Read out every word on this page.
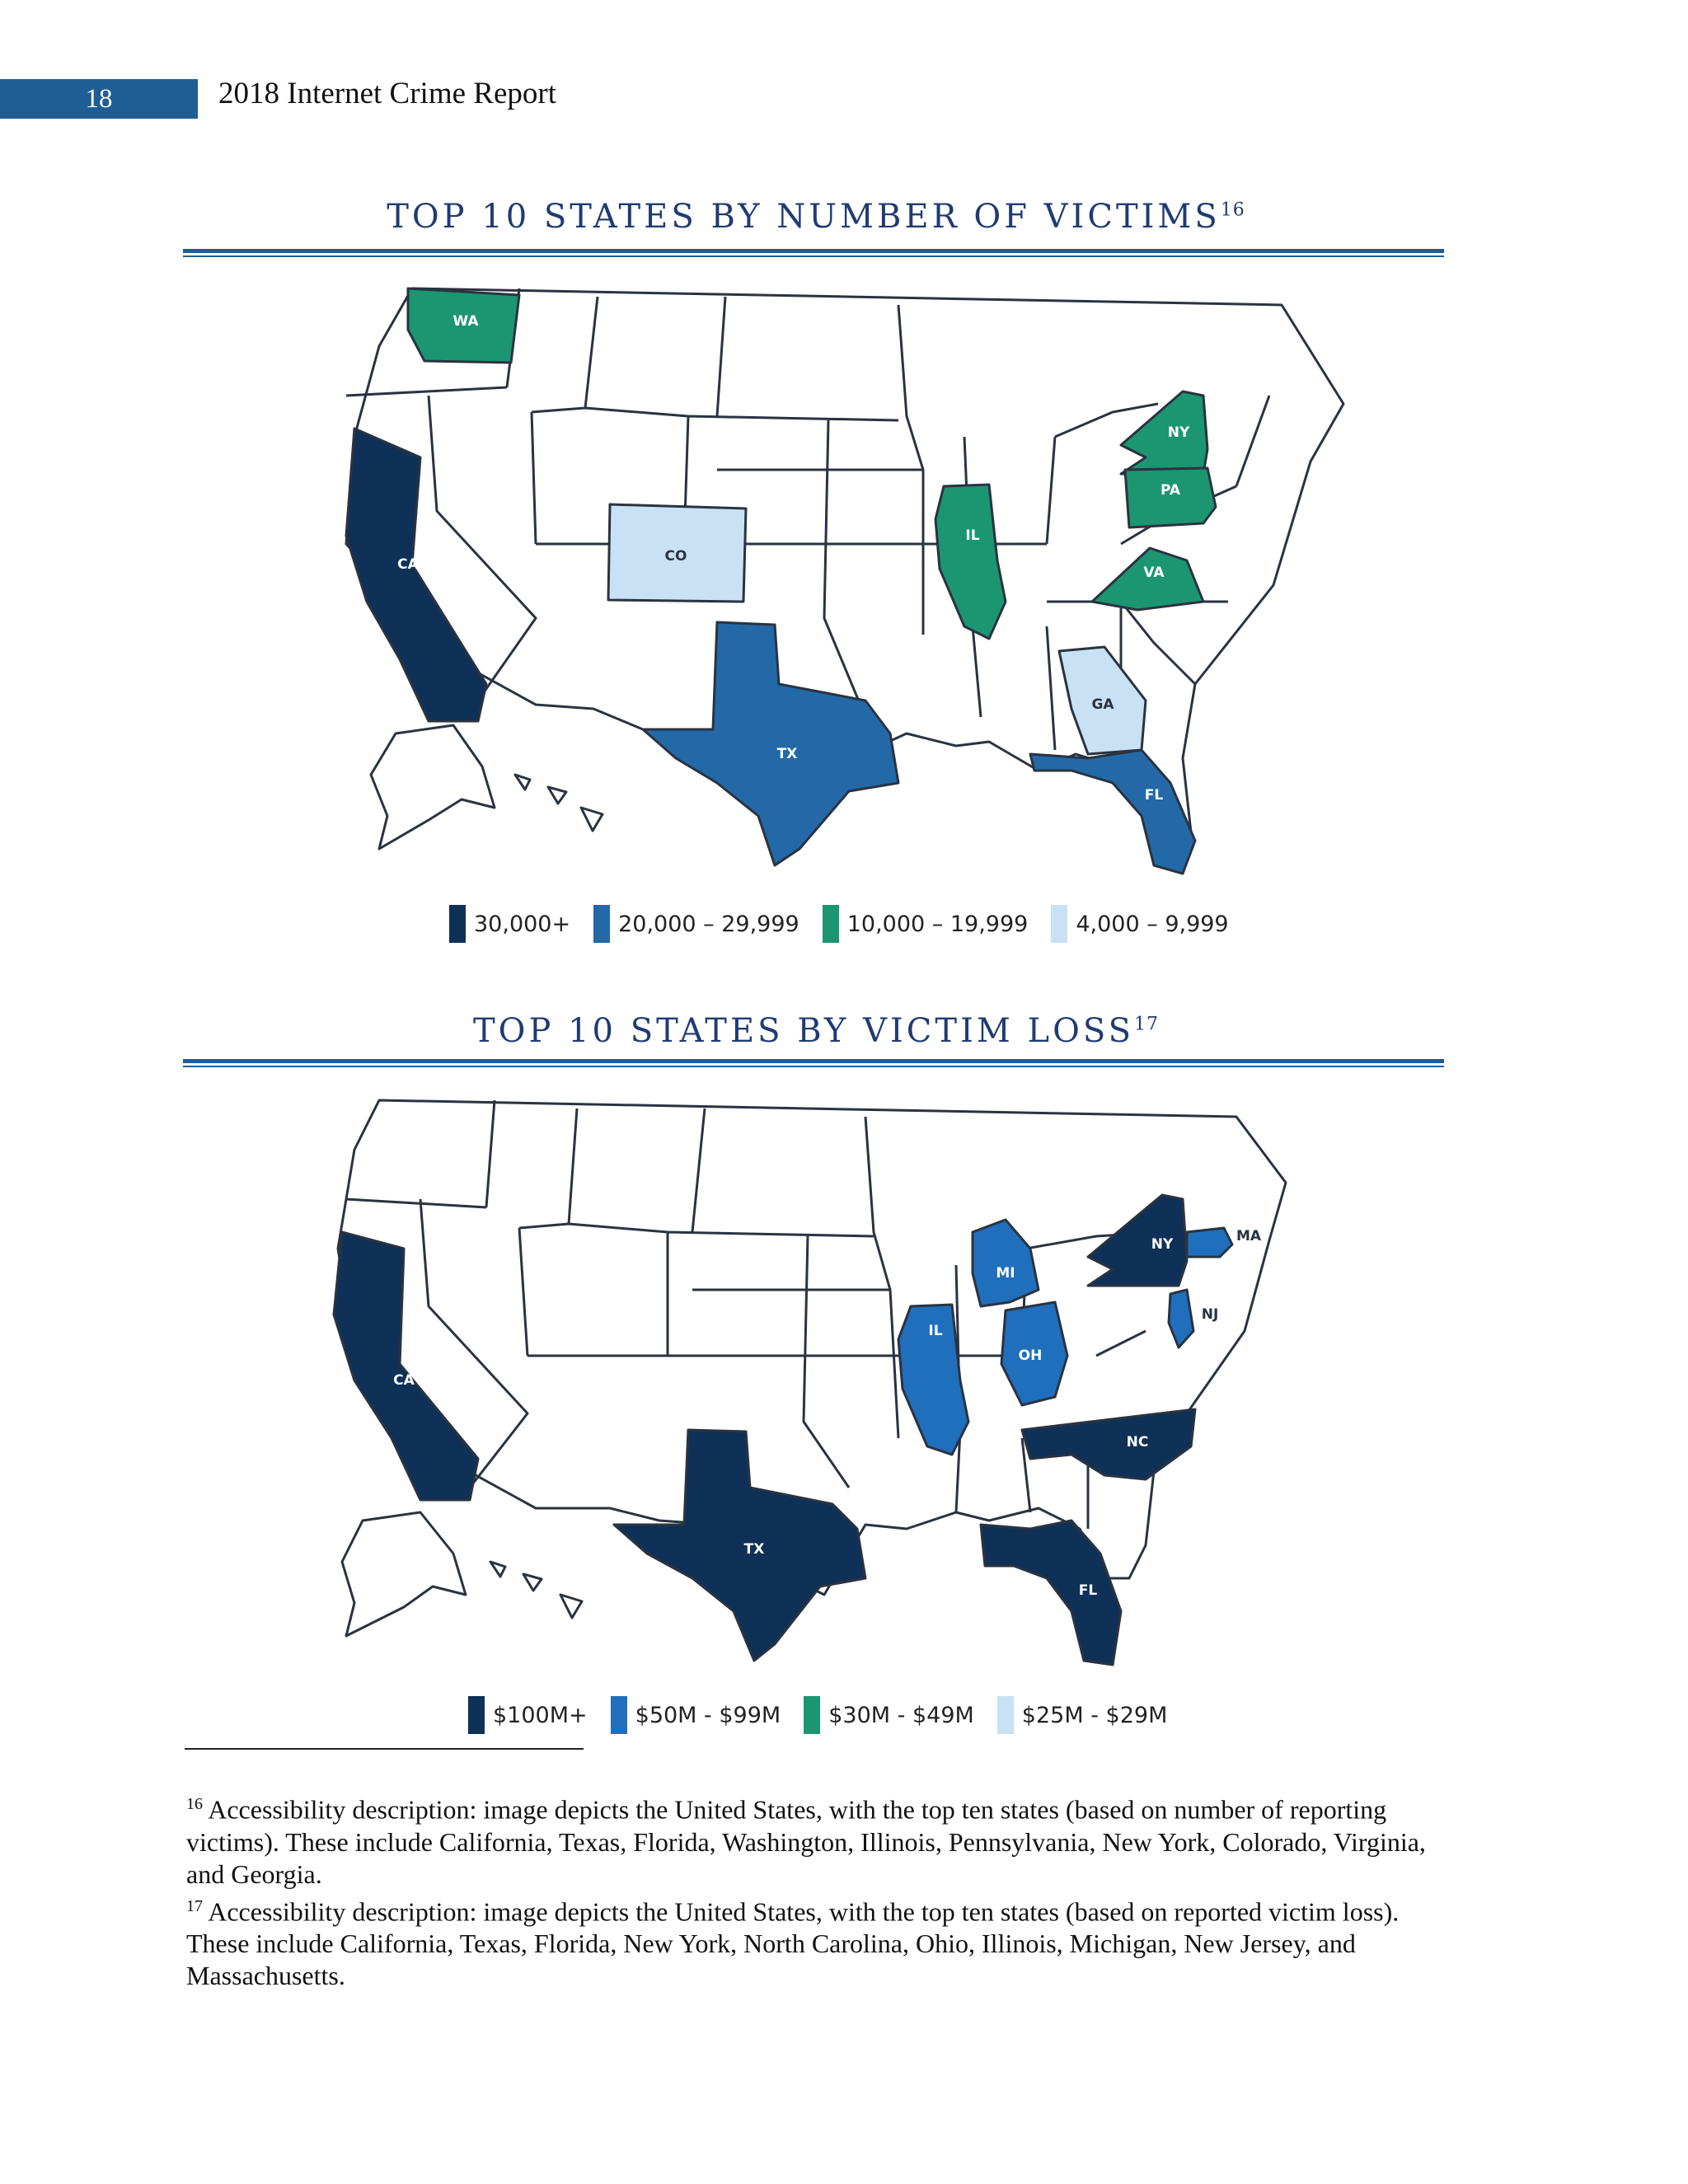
18	2018 Internet Crime Report
TOP 10 STATES BY NUMBER OF VICTIMS$^{16}$
WA
CA	CO
TX
IL
NY
PA
VA
GA
FL
30,000+ 20,000 – 29,999 10,000 – 19,999 4,000 – 9,999
TOP 10 STATES BY VICTIM LOSS$^{17}$
CA
TX
FL
NY
NC
IL
MI
OH
NJ
MA
$100M+ $50M - $99M $30M - $49M $25M - $29M

$^{16}$ Accessibility description: image depicts the United States, with the top ten states (based on number of reporting victims). These include California, Texas, Florida, Washington, Illinois, Pennsylvania, New York, Colorado, Virginia, and Georgia.

$^{17}$ Accessibility description: image depicts the United States, with the top ten states (based on reported victim loss). These include California, Texas, Florida, New York, North Carolina, Ohio, Illinois, Michigan, New Jersey, and Massachusetts.
